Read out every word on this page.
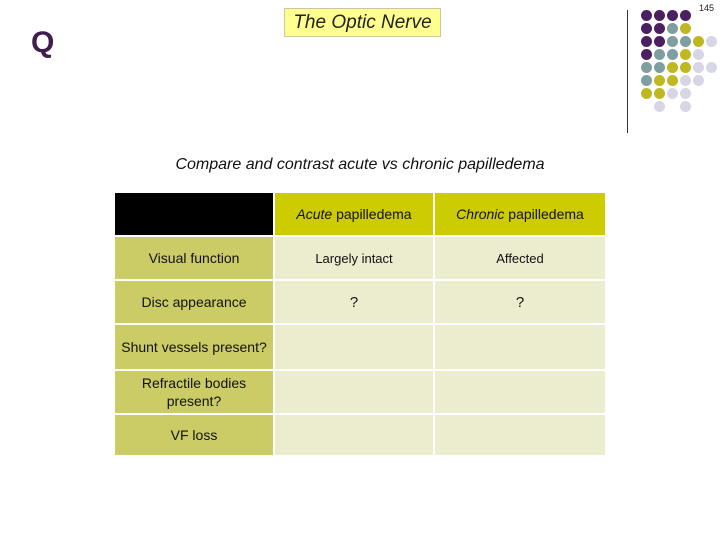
145
Q
The Optic Nerve
Compare and contrast acute vs chronic papilledema
	Acute papilledema	Chronic papilledema
Visual function	Largely intact	Affected
Disc appearance	?	?
Shunt vessels present?		
Refractile bodies present?		
VF loss		
